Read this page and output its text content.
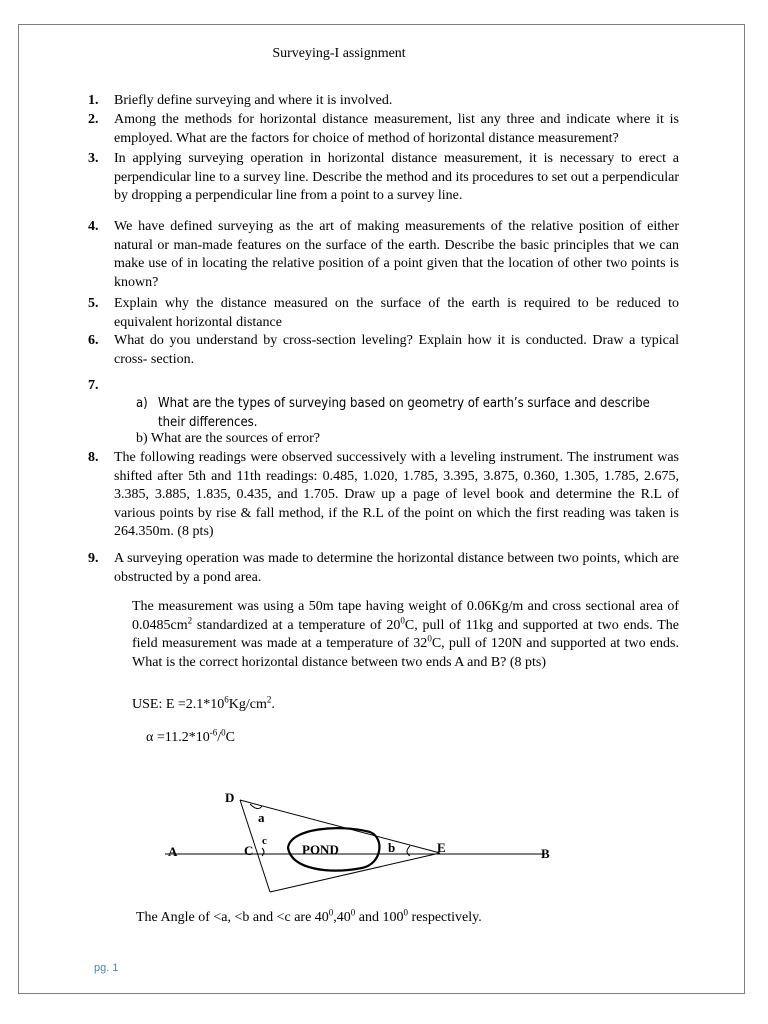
Surveying-I assignment
1. Briefly define surveying and where it is involved.
2. Among the methods for horizontal distance measurement, list any three and indicate where it is employed. What are the factors for choice of method of horizontal distance measurement?
3. In applying surveying operation in horizontal distance measurement, it is necessary to erect a perpendicular line to a survey line. Describe the method and its procedures to set out a perpendicular by dropping a perpendicular line from a point to a survey line.
4. We have defined surveying as the art of making measurements of the relative position of either natural or man-made features on the surface of the earth. Describe the basic principles that we can make use of in locating the relative position of a point given that the location of other two points is known?
5. Explain why the distance measured on the surface of the earth is required to be reduced to equivalent horizontal distance
6. What do you understand by cross-section leveling? Explain how it is conducted. Draw a typical cross- section.
7.
a) What are the types of surveying based on geometry of earth’s surface and describe their differences.
b) What are the sources of error?
8. The following readings were observed successively with a leveling instrument. The instrument was shifted after 5th and 11th readings: 0.485, 1.020, 1.785, 3.395, 3.875, 0.360, 1.305, 1.785, 2.675, 3.385, 3.885, 1.835, 0.435, and 1.705. Draw up a page of level book and determine the R.L of various points by rise & fall method, if the R.L of the point on which the first reading was taken is 264.350m. (8 pts)
9. A surveying operation was made to determine the horizontal distance between two points, which are obstructed by a pond area.
The measurement was using a 50m tape having weight of 0.06Kg/m and cross sectional area of $0.0485cm^2$ standardized at a temperature of $20^0C$, pull of 11kg and supported at two ends. The field measurement was made at a temperature of $32^0C$, pull of 120N and supported at two ends. What is the correct horizontal distance between two ends A and B? (8 pts)
USE: $E =2.1*10^6Kg/cm^2$.
$\alpha =11.2*10^{-6}/^0C$
A	B
C
D
E
a
b
c
POND
The Angle of <a, <b and <c are $40^0,40^0$ and $100^0$ respectively.
pg. 1
